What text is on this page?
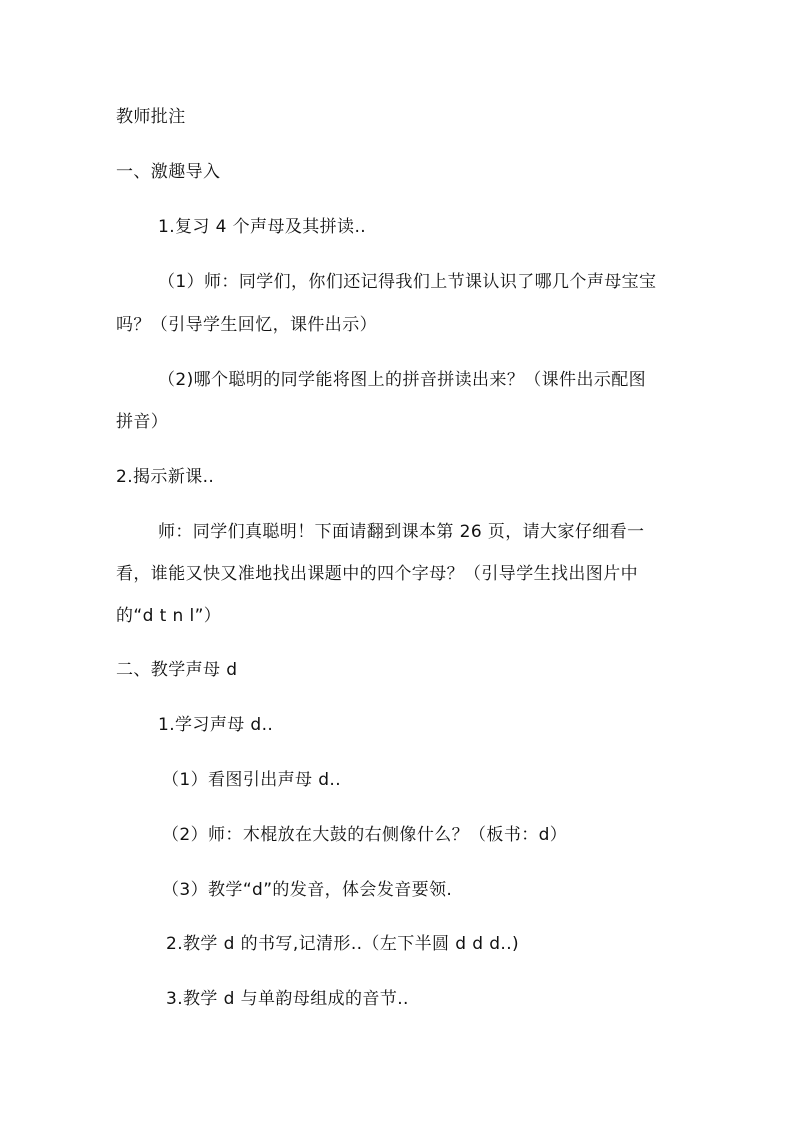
教师批注
一、激趣导入
1.复习 4 个声母及其拼读..
（1）师：同学们，你们还记得我们上节课认识了哪几个声母宝宝
吗？（引导学生回忆，课件出示）
（2)哪个聪明的同学能将图上的拼音拼读出来？（课件出示配图
拼音）
2.揭示新课..
师：同学们真聪明！下面请翻到课本第 26 页，请大家仔细看一
看，谁能又快又准地找出课题中的四个字母？（引导学生找出图片中
的“d t n l”）
二、教学声母 d
1.学习声母 d..
（1）看图引出声母 d..
（2）师：木棍放在大鼓的右侧像什么？（板书：d）
（3）教学“d”的发音，体会发音要领.
2.教学 d 的书写,记清形..（左下半圆 d d d..)
3.教学 d 与单韵母组成的音节..
